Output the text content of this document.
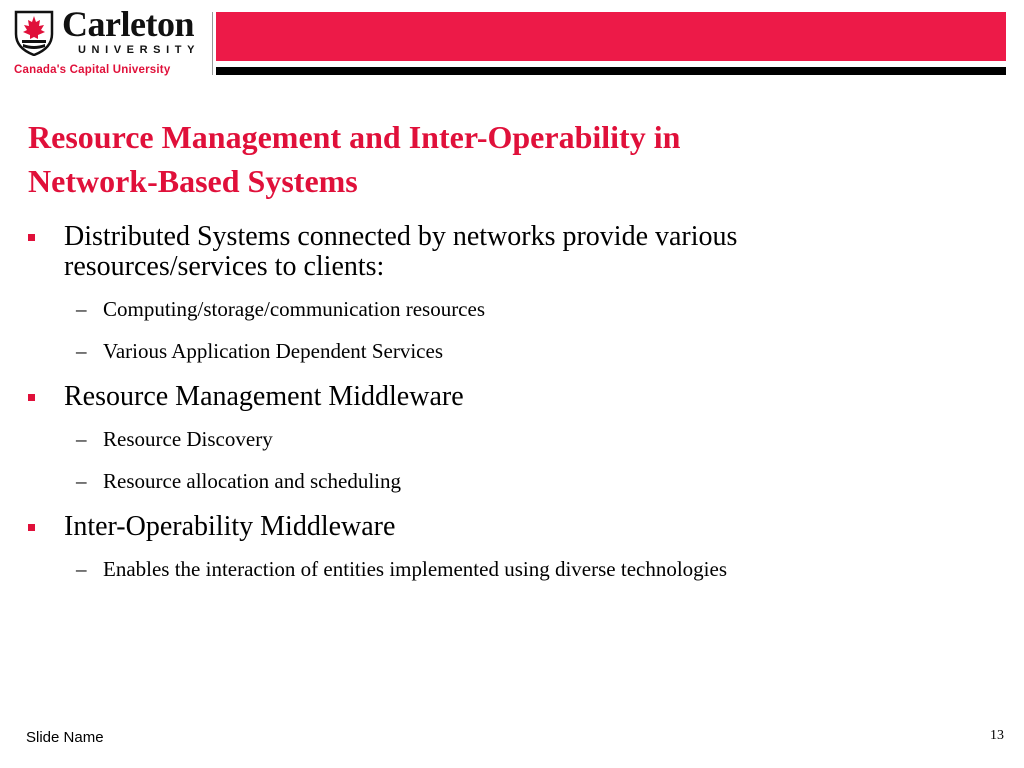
Carleton
UNIVERSITY
Canada's Capital University
Resource Management and Inter-Operability in
Network-Based Systems
Distributed Systems connected by networks provide various resources/services to clients:
– Computing/storage/communication resources
– Various Application Dependent Services
Resource Management Middleware
– Resource Discovery
– Resource allocation and scheduling
Inter-Operability Middleware
– Enables the interaction of entities implemented using diverse technologies
Slide Name	13
